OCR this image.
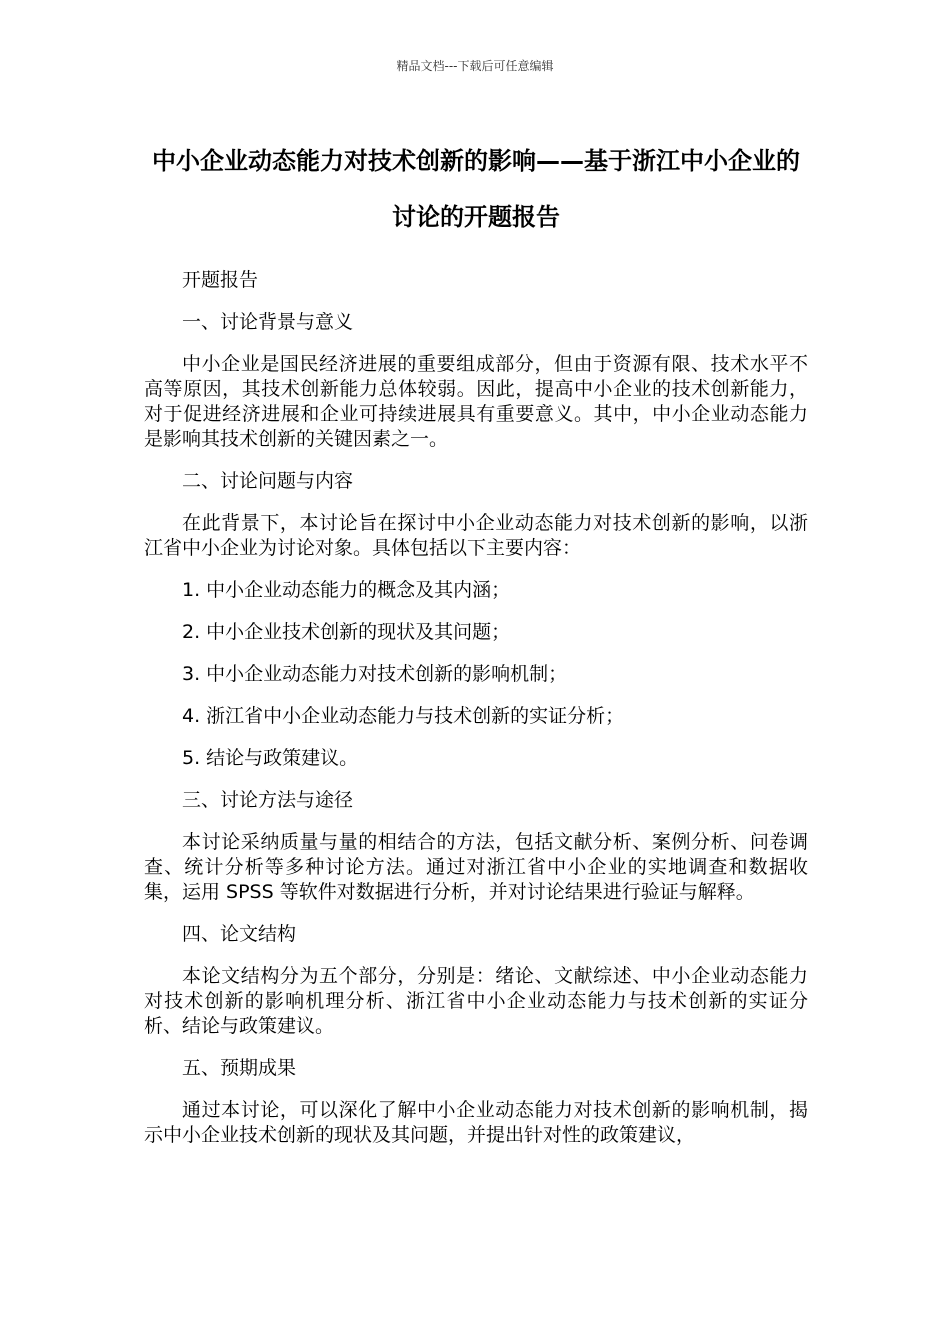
精品文档---下载后可任意编辑
中小企业动态能力对技术创新的影响——基于浙江中小企业的讨论的开题报告

开题报告

一、讨论背景与意义

中小企业是国民经济进展的重要组成部分，但由于资源有限、技术水平不高等原因，其技术创新能力总体较弱。因此，提高中小企业的技术创新能力，对于促进经济进展和企业可持续进展具有重要意义。其中，中小企业动态能力是影响其技术创新的关键因素之一。

二、讨论问题与内容

在此背景下，本讨论旨在探讨中小企业动态能力对技术创新的影响，以浙江省中小企业为讨论对象。具体包括以下主要内容：

1. 中小企业动态能力的概念及其内涵；

2. 中小企业技术创新的现状及其问题；

3. 中小企业动态能力对技术创新的影响机制；

4. 浙江省中小企业动态能力与技术创新的实证分析；

5. 结论与政策建议。

三、讨论方法与途径

本讨论采纳质量与量的相结合的方法，包括文献分析、案例分析、问卷调查、统计分析等多种讨论方法。通过对浙江省中小企业的实地调查和数据收集，运用 SPSS 等软件对数据进行分析，并对讨论结果进行验证与解释。

四、论文结构

本论文结构分为五个部分，分别是：绪论、文献综述、中小企业动态能力对技术创新的影响机理分析、浙江省中小企业动态能力与技术创新的实证分析、结论与政策建议。

五、预期成果

通过本讨论，可以深化了解中小企业动态能力对技术创新的影响机制，揭示中小企业技术创新的现状及其问题，并提出针对性的政策建议，
